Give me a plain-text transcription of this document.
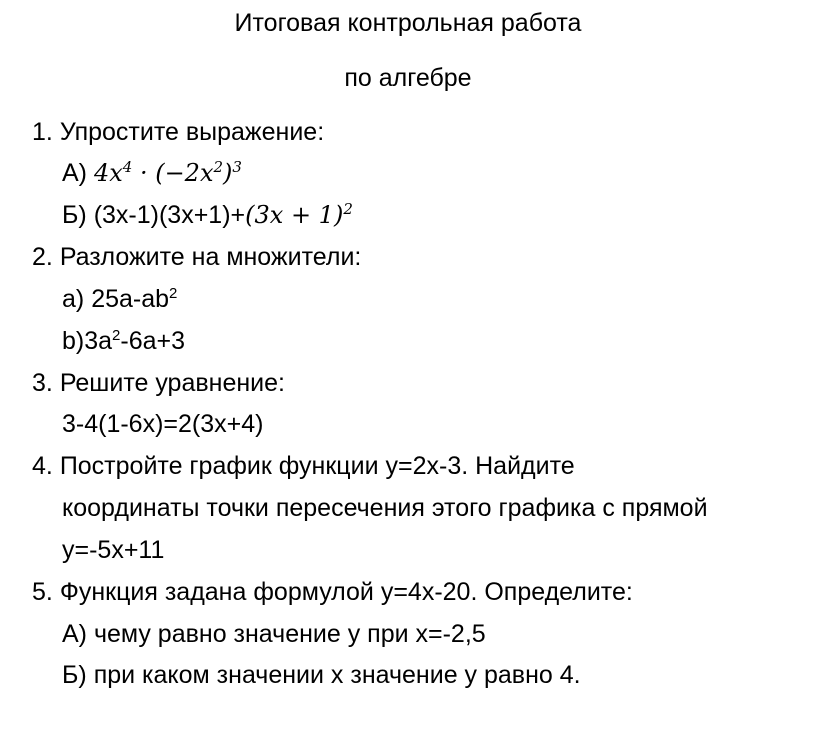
Итоговая контрольная работа
по алгебре
1. Упростите выражение:
А) $4x^4 \cdot (-2x^2)^3$
Б) $(3x-1)(3x+1)+(3x + 1)^2$
2. Разложите на множители:
a) $25a-ab^2$
$b)3a^2-6a+3$
3. Решите уравнение:
3-4(1-6x)=2(3x+4)
4. Постройте график функции y=2x-3. Найдите
координаты точки пересечения этого графика с прямой
y=-5x+11
5. Функция задана формулой y=4x-20. Определите:
А) чему равно значение y при x=-2,5
Б) при каком значении x значение y равно 4.
